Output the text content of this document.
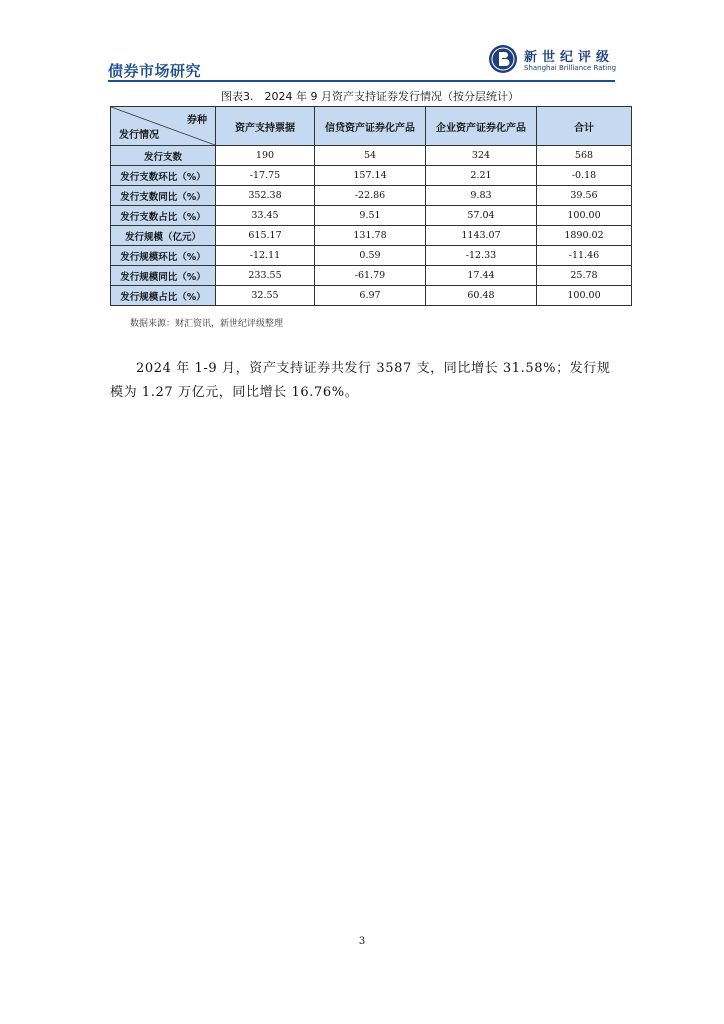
债券市场研究
新世纪评级
Shanghai Brilliance Rating
图表3.　2024 年 9 月资产支持证券发行情况（按分层统计）
券种
发行情况	资产支持票据	信贷资产证券化产品	企业资产证券化产品	合计
发行支数	190	54	324	568
发行支数环比（%）	-17.75	157.14	2.21	-0.18
发行支数同比（%）	352.38	-22.86	9.83	39.56
发行支数占比（%）	33.45	9.51	57.04	100.00
发行规模（亿元）	615.17	131.78	1143.07	1890.02
发行规模环比（%）	-12.11	0.59	-12.33	-11.46
发行规模同比（%）	233.55	-61.79	17.44	25.78
发行规模占比（%）	32.55	6.97	60.48	100.00
数据来源：财汇资讯，新世纪评级整理

2024 年 1-9 月，资产支持证券共发行 3587 支，同比增长 31.58%；发行规模为 1.27 万亿元，同比增长 16.76%。

3
